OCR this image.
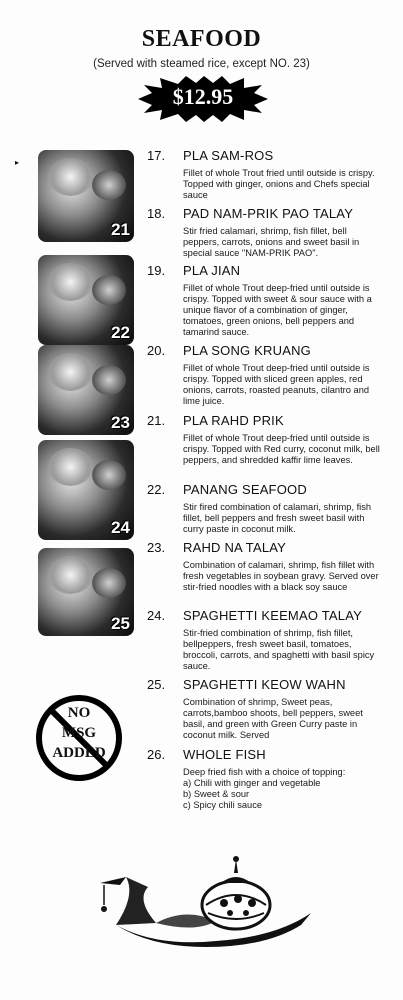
SEAFOOD
(Served with steamed rice, except NO. 23)
$12.95
▸
21
22
23
24
25
17. PLA SAM-ROS
Fillet of whole Trout fried until outside is crispy. Topped with ginger, onions and Chefs special sauce
18. PAD NAM-PRIK PAO TALAY
Stir fried calamari, shrimp, fish fillet, bell peppers, carrots, onions and sweet basil in special sauce "NAM-PRIK PAO".
19. PLA JIAN
Fillet of whole Trout deep-fried until outside is crispy. Topped with sweet & sour sauce with a unique flavor of a combination of ginger, tomatoes, green onions, bell peppers and tamarind sauce.
20. PLA SONG KRUANG
Fillet of whole Trout deep-fried until outside is crispy. Topped with sliced green apples, red onions, carrots, roasted peanuts, cilantro and lime juice.
21. PLA RAHD PRIK
Fillet of whole Trout deep-fried until outside is crispy. Topped with Red curry, coconut milk, bell peppers, and shredded kaffir lime leaves.
22. PANANG SEAFOOD
Stir fired combination of calamari, shrimp, fish fillet, bell peppers and fresh sweet basil with curry paste in coconut milk.
23. RAHD NA TALAY
Combination of calamari, shrimp, fish fillet with fresh vegetables in soybean gravy. Served over stir-fried noodles with a black soy sauce
24. SPAGHETTI KEEMAO TALAY
Stir-fried combination of shrimp, fish fillet, bellpeppers, fresh sweet basil, tomatoes, broccoli, carrots, and spaghetti with basil spicy sauce.
25. SPAGHETTI KEOW WAHN
Combination of shrimp, Sweet peas, carrots,bamboo shoots, bell peppers, sweet basil, and green with Green Curry paste in coconut milk. Served
26. WHOLE FISH
Deep fried fish with a choice of topping:
a) Chili with ginger and vegetable
b) Sweet & sour
c) Spicy chili sauce
NO
MSG
ADDED
